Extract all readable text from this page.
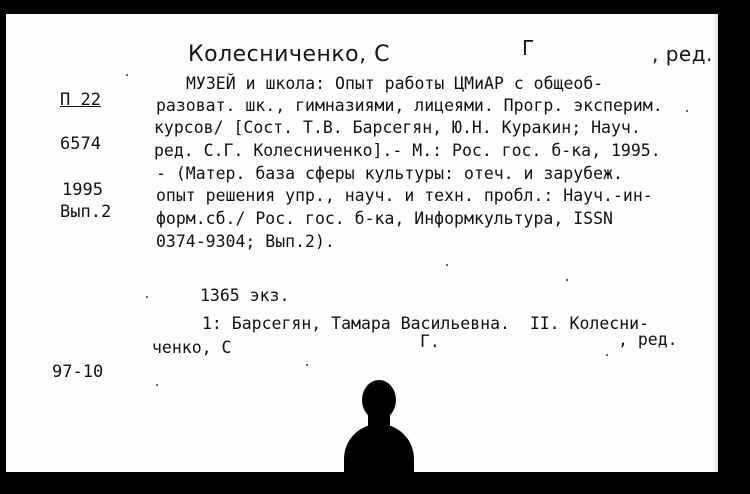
Колесниченко, С	Г	, ред.
П 22
6574
1995
Вып.2
97-10
МУЗЕЙ и школа: Опыт работы ЦМиАР с общеоб-
разоват. шк., гимназиями, лицеями. Прогр. эксперим.
курсов/ [Сост. Т.В. Барсегян, Ю.Н. Куракин; Науч.
ред. С.Г. Колесниченко].- М.: Рос. гос. б-ка, 1995.
- (Матер. база сферы культуры: отеч. и зарубеж.
опыт решения упр., науч. и техн. пробл.: Науч.-ин-
форм.сб./ Рос. гос. б-ка, Информкультура, ISSN
0374-9304; Вып.2).
1365 экз.
1: Барсегян, Тамара Васильевна.  II. Колесни-
ченко, С	Г.	, ред.
